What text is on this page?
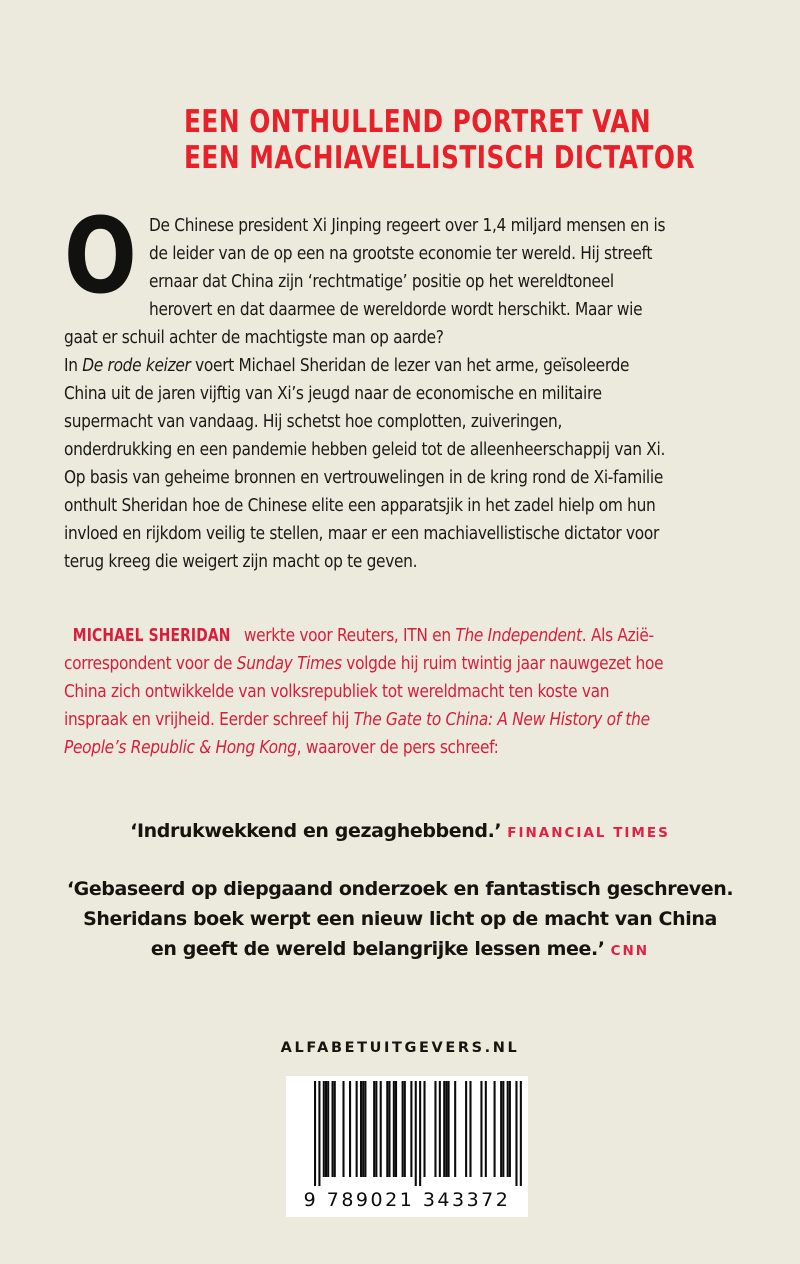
EEN ONTHULLEND PORTRET VAN
EEN MACHIAVELLISTISCH DICTATOR

O De Chinese president Xi Jinping regeert over 1,4 miljard mensen en is de leider van de op een na grootste economie ter wereld. Hij streeft ernaar dat China zijn ‘rechtmatige’ positie op het wereldtoneel herovert en dat daarmee de wereldorde wordt herschikt. Maar wie gaat er schuil achter de machtigste man op aarde?

In De rode keizer voert Michael Sheridan de lezer van het arme, geïsoleerde China uit de jaren vijftig van Xi’s jeugd naar de economische en militaire supermacht van vandaag. Hij schetst hoe complotten, zuiveringen, onderdrukking en een pandemie hebben geleid tot de alleenheerschappij van Xi. Op basis van geheime bronnen en vertrouwelingen in de kring rond de Xi-familie onthult Sheridan hoe de Chinese elite een apparatsjik in het zadel hielp om hun invloed en rijkdom veilig te stellen, maar er een machiavellistische dictator voor terug kreeg die weigert zijn macht op te geven.

MICHAEL SHERIDAN werkte voor Reuters, ITN en The Independent. Als Azië-correspondent voor de Sunday Times volgde hij ruim twintig jaar nauwgezet hoe China zich ontwikkelde van volksrepubliek tot wereldmacht ten koste van inspraak en vrijheid. Eerder schreef hij The Gate to China: A New History of the People’s Republic & Hong Kong, waarover de pers schreef:

‘Indrukwekkend en gezaghebbend.’ FINANCIAL TIMES
‘Gebaseerd op diepgaand onderzoek en fantastisch geschreven.
Sheridans boek werpt een nieuw licht op de macht van China
en geeft de wereld belangrijke lessen mee.’ CNN
ALFABETUITGEVERS.NL
9 789021 343372
